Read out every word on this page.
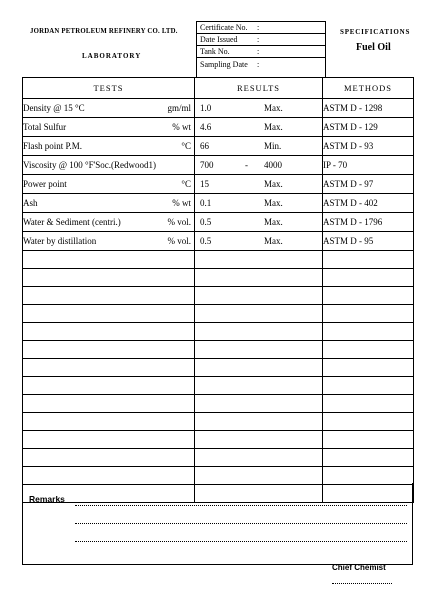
JORDAN PETROLEUM REFINERY CO. LTD.
LABORATORY
Certificate No. :
Date Issued :
Tank No.	:
Sampling Date :
SPECIFICATIONS
Fuel Oil
TESTS	RESULTS	METHODS
Density @ 15 °C gm/ml	1.0 Max.	ASTM D - 1298
Total Sulfur % wt	4.6 Max.	ASTM D - 129
Flash point P.M. °C	66 Min.	ASTM D - 93
Viscosity @ 100 °F'Soc.(Redwood1)	700 - 4000	IP - 70
Power point °C	15 Max.	ASTM D - 97
Ash % wt	0.1 Max.	ASTM D - 402
Water & Sediment (centri.) % vol.	0.5 Max.	ASTM D - 1796
Water by distillation % vol.	0.5 Max.	ASTM D - 95

Remarks
Chief Chemist
